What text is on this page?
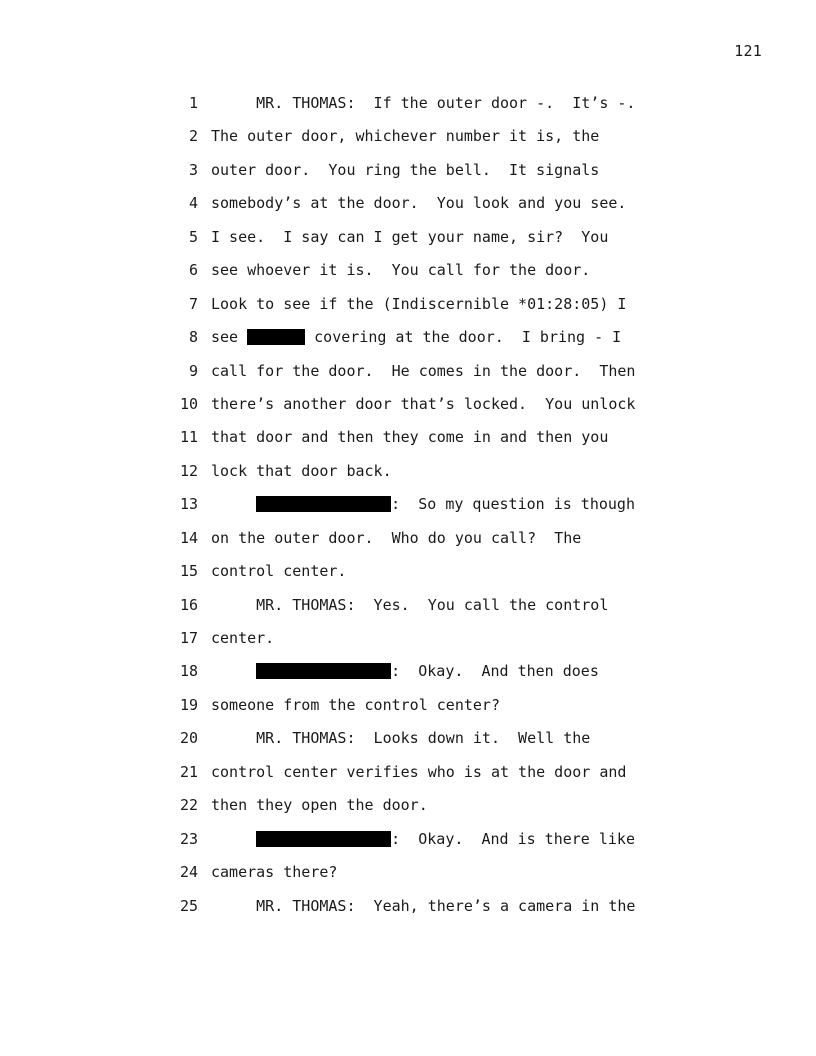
121
1 MR. THOMAS:  If the outer door -.  It’s -.
2 The outer door, whichever number it is, the
3 outer door.  You ring the bell.  It signals
4 somebody’s at the door.  You look and you see.
5 I see.  I say can I get your name, sir?  You
6 see whoever it is.  You call for the door.
7 Look to see if the (Indiscernible *01:28:05) I
8 see	covering at the door.  I bring - I
9 call for the door.  He comes in the door.  Then
10 there’s another door that’s locked.  You unlock
11 that door and then they come in and then you
12 lock that door back.
13	:  So my question is though
14 on the outer door.  Who do you call?  The
15 control center.
16 MR. THOMAS:  Yes.  You call the control
17 center.
18	:  Okay.  And then does
19 someone from the control center?
20 MR. THOMAS:  Looks down it.  Well the
21 control center verifies who is at the door and
22 then they open the door.
23	:  Okay.  And is there like
24 cameras there?
25 MR. THOMAS:  Yeah, there’s a camera in the
